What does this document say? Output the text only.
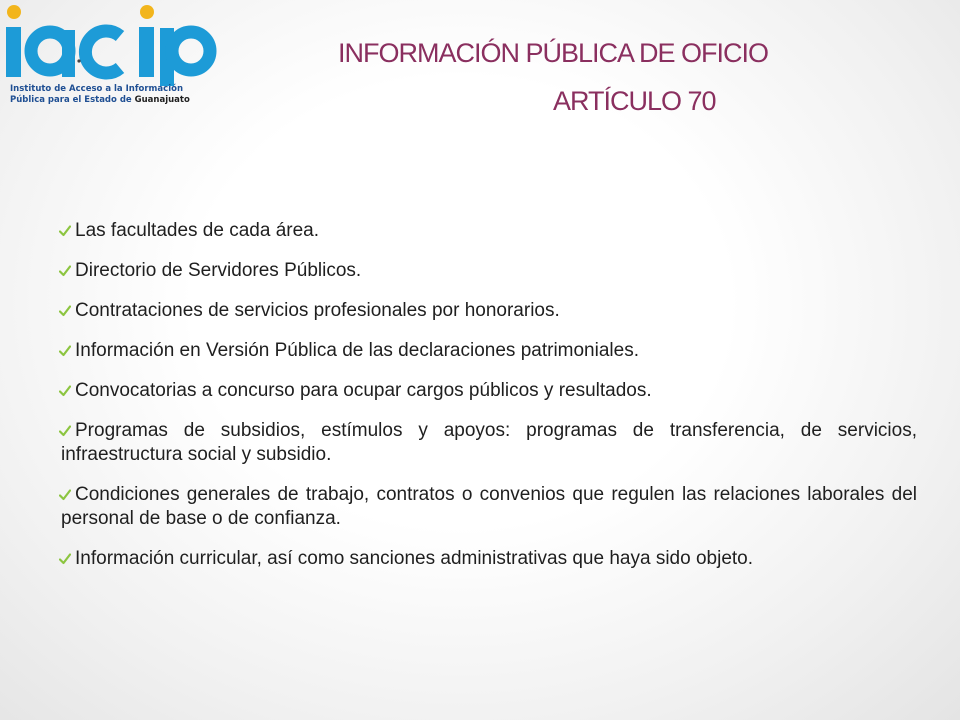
Instituto de Acceso a la Información
Pública para el Estado de Guanajuato
INFORMACIÓN PÚBLICA DE OFICIO
ARTÍCULO 70
Las facultades de cada área.
Directorio de Servidores Públicos.
Contrataciones de servicios profesionales por honorarios.
Información en Versión Pública de las declaraciones patrimoniales.
Convocatorias a concurso para ocupar cargos públicos y resultados.
Programas de subsidios, estímulos y apoyos: programas de transferencia, de servicios, infraestructura social y subsidio.
Condiciones generales de trabajo, contratos o convenios que regulen las relaciones laborales del personal de base o de confianza.
Información curricular, así como sanciones administrativas que haya sido objeto.
